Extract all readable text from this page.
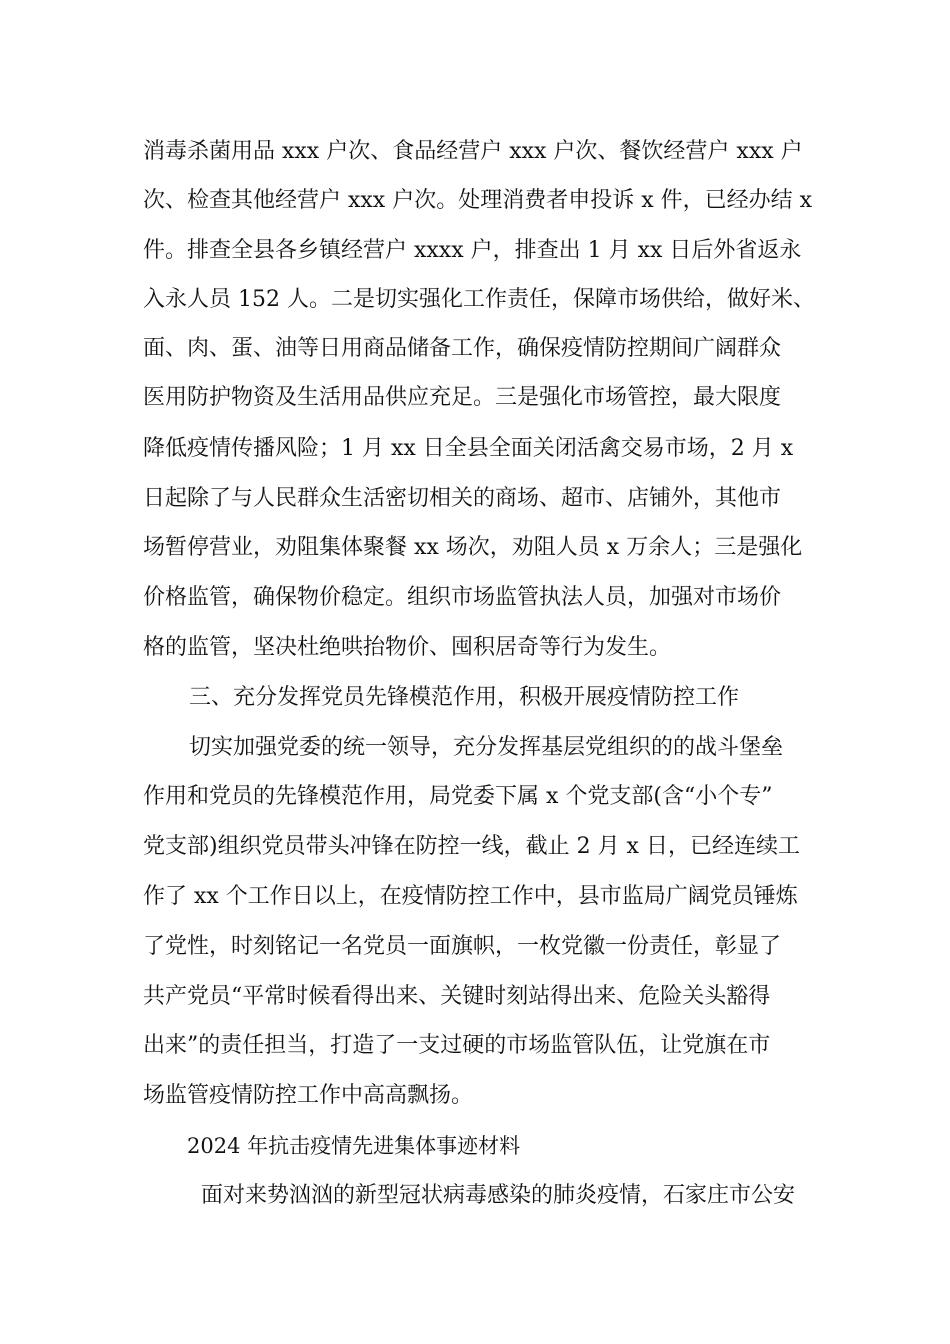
消毒杀菌用品 xxx 户次、食品经营户 xxx 户次、餐饮经营户 xxx 户
次、检查其他经营户 xxx 户次。处理消费者申投诉 x 件，已经办结 x
件。排查全县各乡镇经营户 xxxx 户，排查出 1 月 xx 日后外省返永
入永人员 152 人。二是切实强化工作责任，保障市场供给，做好米、
面、肉、蛋、油等日用商品储备工作，确保疫情防控期间广阔群众
医用防护物资及生活用品供应充足。三是强化市场管控，最大限度
降低疫情传播风险；1 月 xx 日全县全面关闭活禽交易市场，2 月 x
日起除了与人民群众生活密切相关的商场、超市、店铺外，其他市
场暂停营业，劝阻集体聚餐 xx 场次，劝阻人员 x 万余人；三是强化
价格监管，确保物价稳定。组织市场监管执法人员，加强对市场价
格的监管，坚决杜绝哄抬物价、囤积居奇等行为发生。
三、充分发挥党员先锋模范作用，积极开展疫情防控工作
切实加强党委的统一领导，充分发挥基层党组织的的战斗堡垒
作用和党员的先锋模范作用，局党委下属 x 个党支部(含“小个专”
党支部)组织党员带头冲锋在防控一线，截止 2 月 x 日，已经连续工
作了 xx 个工作日以上，在疫情防控工作中，县市监局广阔党员锤炼
了党性，时刻铭记一名党员一面旗帜，一枚党徽一份责任，彰显了
共产党员“平常时候看得出来、关键时刻站得出来、危险关头豁得
出来”的责任担当，打造了一支过硬的市场监管队伍，让党旗在市
场监管疫情防控工作中高高飘扬。
2024 年抗击疫情先进集体事迹材料
面对来势汹汹的新型冠状病毒感染的肺炎疫情，石家庄市公安
